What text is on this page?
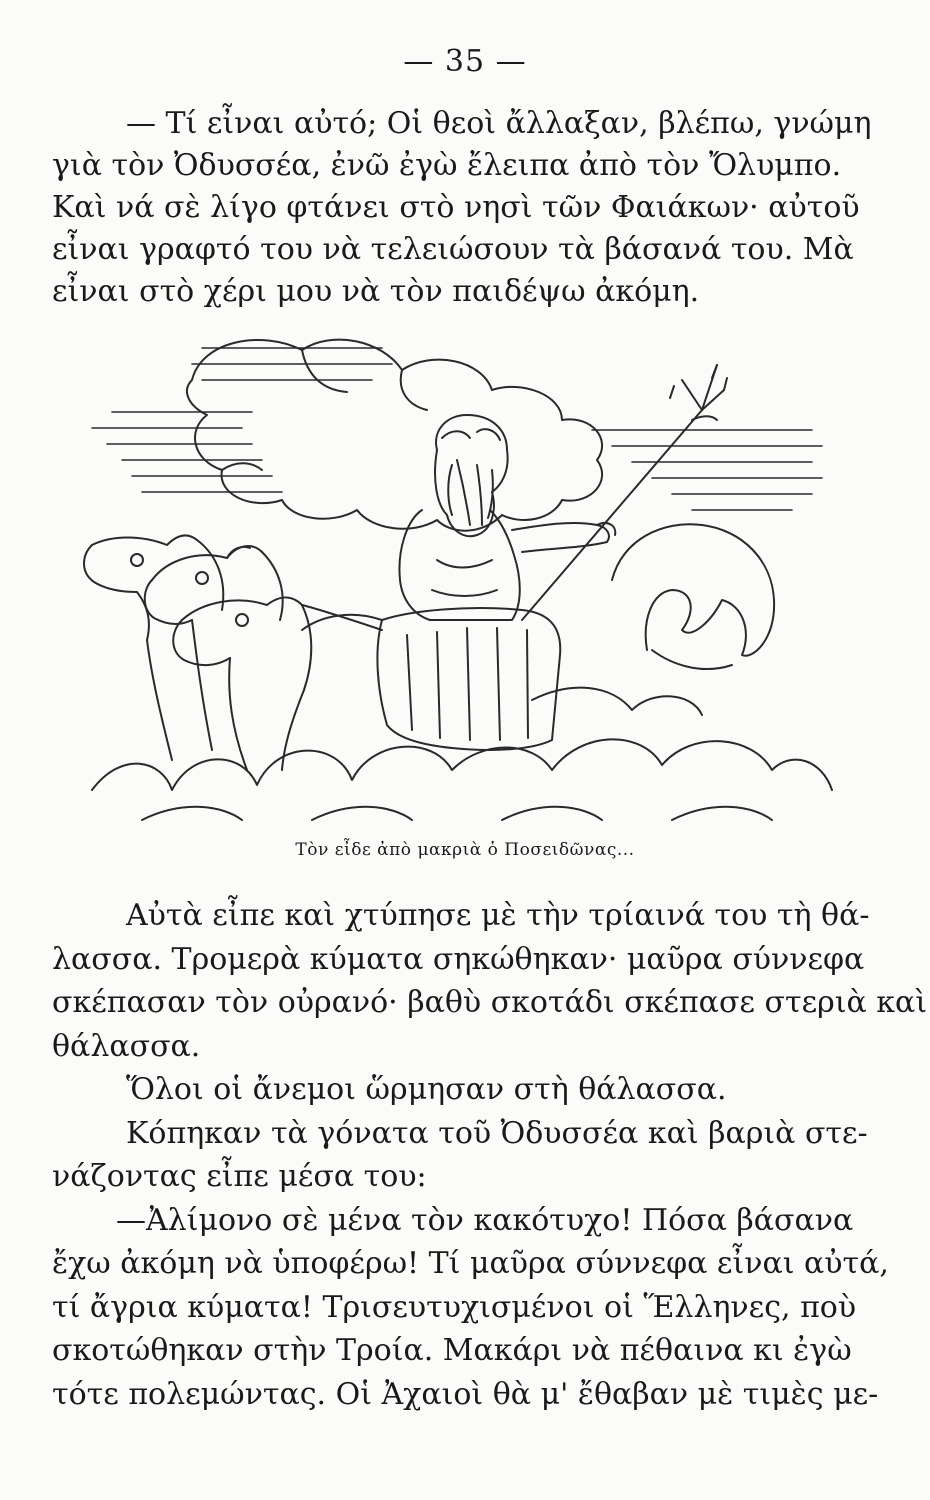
— 35 —
— Τί εἶναι αὐτό; Οἱ θεοὶ ἄλλαξαν, βλέπω, γνώμη
γιὰ τὸν Ὀδυσσέα, ἐνῶ ἐγὼ ἔλειπα ἀπὸ τὸν Ὄλυμπο.
Καὶ νά σὲ λίγο φτάνει στὸ νησὶ τῶν Φαιάκων· αὐτοῦ
εἶναι γραφτό του νὰ τελειώσουν τὰ βάσανά του. Μὰ
εἶναι στὸ χέρι μου νὰ τὸν παιδέψω ἀκόμη.
Τὸν εἶδε ἀπὸ μακριὰ ὁ Ποσειδῶνας...
Αὐτὰ εἶπε καὶ χτύπησε μὲ τὴν τρίαινά του τὴ θά-
λασσα. Τρομερὰ κύματα σηκώθηκαν· μαῦρα σύννεφα
σκέπασαν τὸν οὐρανό· βαθὺ σκοτάδι σκέπασε στεριὰ καὶ
θάλασσα.
Ὅλοι οἱ ἄνεμοι ὥρμησαν στὴ θάλασσα.
Κόπηκαν τὰ γόνατα τοῦ Ὀδυσσέα καὶ βαριὰ στε-
νάζοντας εἶπε μέσα του:
—Ἀλίμονο σὲ μένα τὸν κακότυχο! Πόσα βάσανα
ἔχω ἀκόμη νὰ ὑποφέρω! Τί μαῦρα σύννεφα εἶναι αὐτά,
τί ἄγρια κύματα! Τρισευτυχισμένοι οἱ Ἕλληνες, ποὺ
σκοτώθηκαν στὴν Τροία. Μακάρι νὰ πέθαινα κι ἐγὼ
τότε πολεμώντας. Οἱ Ἀχαιοὶ θὰ μ' ἔθαβαν μὲ τιμὲς με-
